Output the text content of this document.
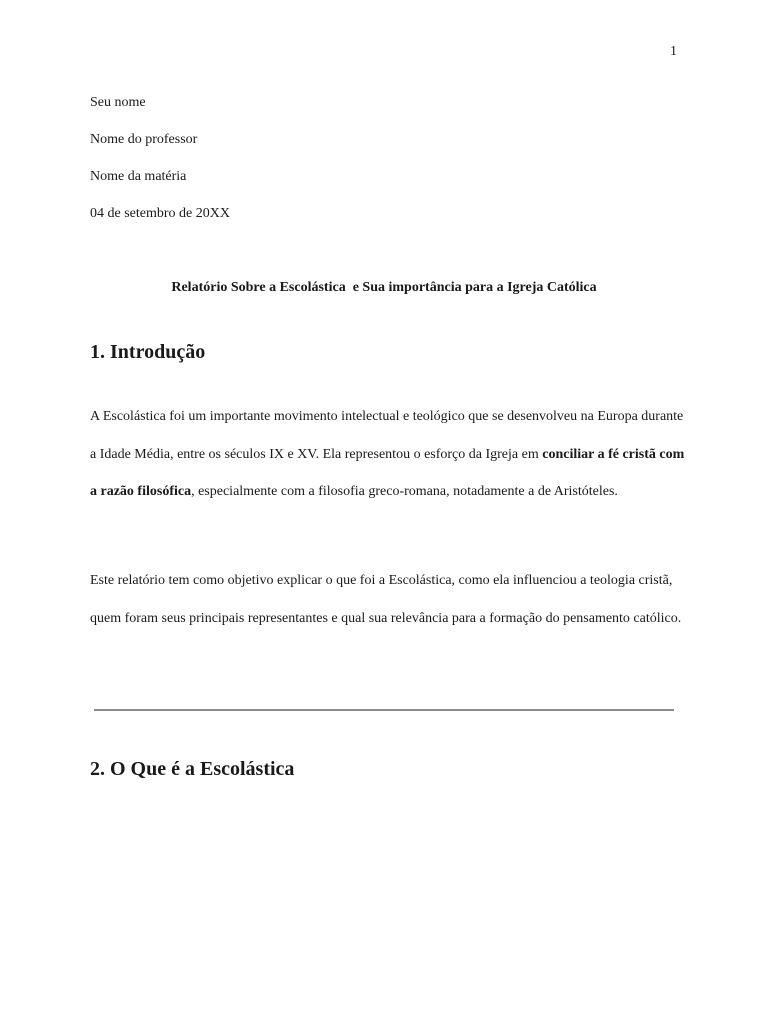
1
Seu nome
Nome do professor
Nome da matéria
04 de setembro de 20XX
Relatório Sobre a Escolástica  e Sua importância para a Igreja Católica
1. Introdução

A Escolástica foi um importante movimento intelectual e teológico que se desenvolveu na Europa durante a Idade Média, entre os séculos IX e XV. Ela representou o esforço da Igreja em conciliar a fé cristã com a razão filosófica, especialmente com a filosofia greco-romana, notadamente a de Aristóteles.

Este relatório tem como objetivo explicar o que foi a Escolástica, como ela influenciou a teologia cristã, quem foram seus principais representantes e qual sua relevância para a formação do pensamento católico.

2. O Que é a Escolástica
